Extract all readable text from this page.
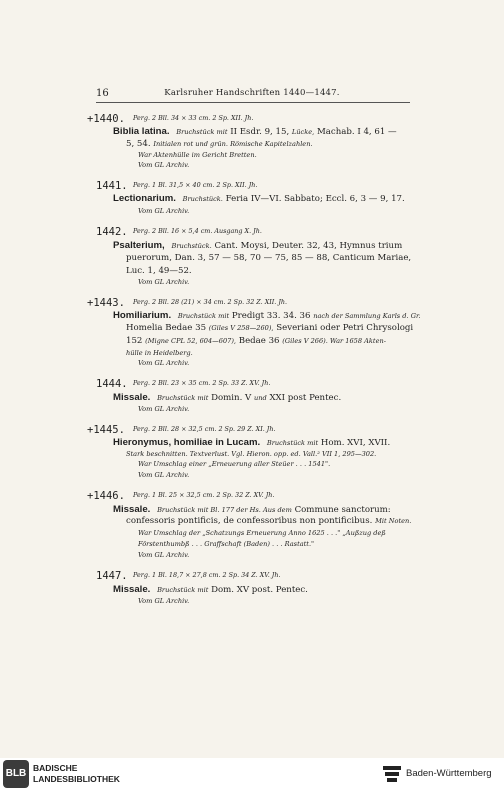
Karlsruher Handschriften 1440—1447.
16
+1440. Perg. 2 Bll. 34 ⨯ 33 cm. 2 Sp. XII. Jh.
Biblia latina. Bruchstück mit II Esdr. 9, 15, Lücke, Machab. I 4, 61 —
5, 54. Initialen rot und grün. Römische Kapitelzahlen.
War Aktenhülle im Gericht Bretten.
Vom GL Archiv.
1441. Perg. 1 Bl. 31,5 ⨯ 40 cm. 2 Sp. XII. Jh.
Lectionarium. Bruchstück. Feria IV—VI. Sabbato; Eccl. 6, 3 — 9, 17.
Vom GL Archiv.
1442. Perg. 2 Bll. 16 ⨯ 5,4 cm. Ausgang X. Jh.
Psalterium, Bruchstück. Cant. Moysi, Deuter. 32, 43, Hymnus trium
puerorum, Dan. 3, 57 — 58, 70 — 75, 85 — 88, Canticum Mariae,
Luc. 1, 49—52.
Vom GL Archiv.
+1443. Perg. 2 Bll. 28 (21) ⨯ 34 cm. 2 Sp. 32 Z. XII. Jh.
Homiliarium. Bruchstück mit Predigt 33. 34. 36 nach der Sammlung Karls d. Gr.
Homelia Bedae 35 (Giles V 258—260), Severiani oder Petri Chrysologi
152 (Migne CPL 52, 604—607), Bedae 36 (Giles V 266). War 1658 Akten-
hülle in Heidelberg.
Vom GL Archiv.
1444. Perg. 2 Bll. 23 ⨯ 35 cm. 2 Sp. 33 Z. XV. Jh.
Missale. Bruchstück mit Domin. V und XXI post Pentec.
Vom GL Archiv.
+1445. Perg. 2 Bll. 28 ⨯ 32,5 cm. 2 Sp. 29 Z. XI. Jh.
Hieronymus, homiliae in Lucam. Bruchstück mit Hom. XVI, XVII.
Stark beschnitten. Textverlust. Vgl. Hieron. opp. ed. Vall.² VII 1, 295—302.
War Umschlag einer „Erneuerung aller Steüer . . . 1541".
Vom GL Archiv.
+1446. Perg. 1 Bl. 25 ⨯ 32,5 cm. 2 Sp. 32 Z. XV. Jh.
Missale. Bruchstück mit Bl. 177 der Hs. Aus dem Commune sanctorum:
confessoris pontificis, de confessoribus non pontificibus. Mit Noten.
War Umschlag der „Schatzungs Erneuerung Anno 1625 . . ." „Außzug deß
Förstenthumbß . . . Graffschaft (Baden) . . . Rastatt."
Vom GL Archiv.
1447. Perg. 1 Bl. 18,7 ⨯ 27,8 cm. 2 Sp. 34 Z. XV. Jh.
Missale. Bruchstück mit Dom. XV post. Pentec.
Vom GL Archiv.
BLB BADISCHE
LANDESBIBLIOTHEK	Baden-Württemberg
